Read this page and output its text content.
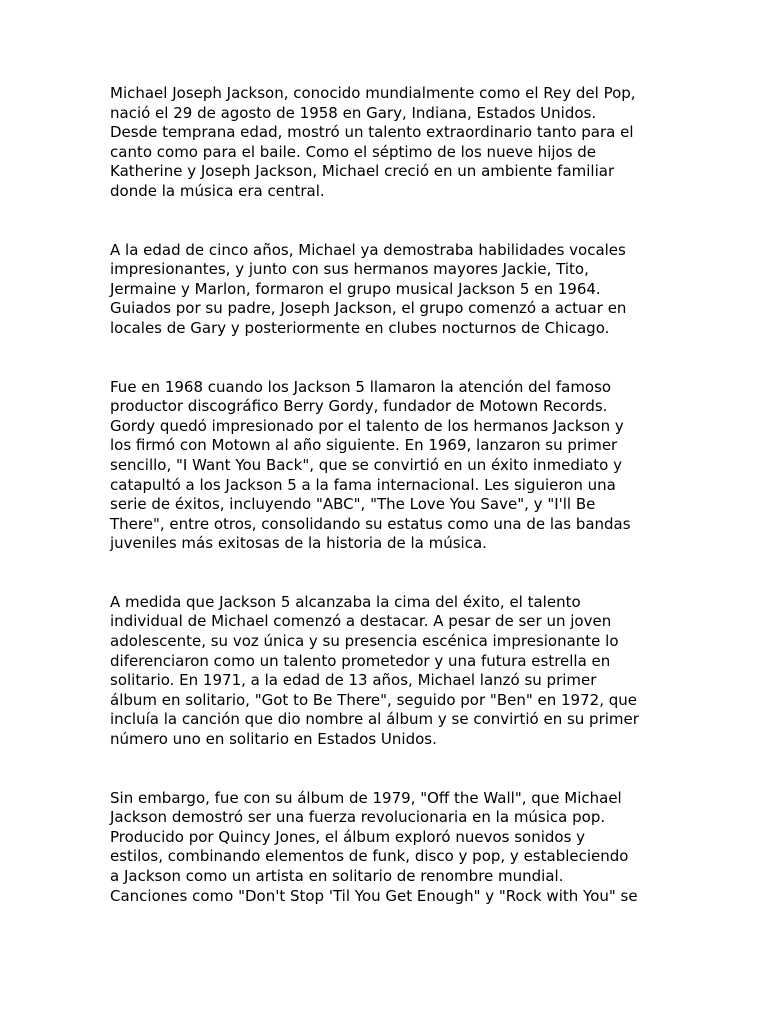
Michael Joseph Jackson, conocido mundialmente como el Rey del Pop,
nació el 29 de agosto de 1958 en Gary, Indiana, Estados Unidos.
Desde temprana edad, mostró un talento extraordinario tanto para el
canto como para el baile. Como el séptimo de los nueve hijos de
Katherine y Joseph Jackson, Michael creció en un ambiente familiar
donde la música era central.

A la edad de cinco años, Michael ya demostraba habilidades vocales
impresionantes, y junto con sus hermanos mayores Jackie, Tito,
Jermaine y Marlon, formaron el grupo musical Jackson 5 en 1964.
Guiados por su padre, Joseph Jackson, el grupo comenzó a actuar en
locales de Gary y posteriormente en clubes nocturnos de Chicago.

Fue en 1968 cuando los Jackson 5 llamaron la atención del famoso
productor discográfico Berry Gordy, fundador de Motown Records.
Gordy quedó impresionado por el talento de los hermanos Jackson y
los firmó con Motown al año siguiente. En 1969, lanzaron su primer
sencillo, "I Want You Back", que se convirtió en un éxito inmediato y
catapultó a los Jackson 5 a la fama internacional. Les siguieron una
serie de éxitos, incluyendo "ABC", "The Love You Save", y "I'll Be
There", entre otros, consolidando su estatus como una de las bandas
juveniles más exitosas de la historia de la música.

A medida que Jackson 5 alcanzaba la cima del éxito, el talento
individual de Michael comenzó a destacar. A pesar de ser un joven
adolescente, su voz única y su presencia escénica impresionante lo
diferenciaron como un talento prometedor y una futura estrella en
solitario. En 1971, a la edad de 13 años, Michael lanzó su primer
álbum en solitario, "Got to Be There", seguido por "Ben" en 1972, que
incluía la canción que dio nombre al álbum y se convirtió en su primer
número uno en solitario en Estados Unidos.

Sin embargo, fue con su álbum de 1979, "Off the Wall", que Michael
Jackson demostró ser una fuerza revolucionaria en la música pop.
Producido por Quincy Jones, el álbum exploró nuevos sonidos y
estilos, combinando elementos de funk, disco y pop, y estableciendo
a Jackson como un artista en solitario de renombre mundial.
Canciones como "Don't Stop 'Til You Get Enough" y "Rock with You" se
